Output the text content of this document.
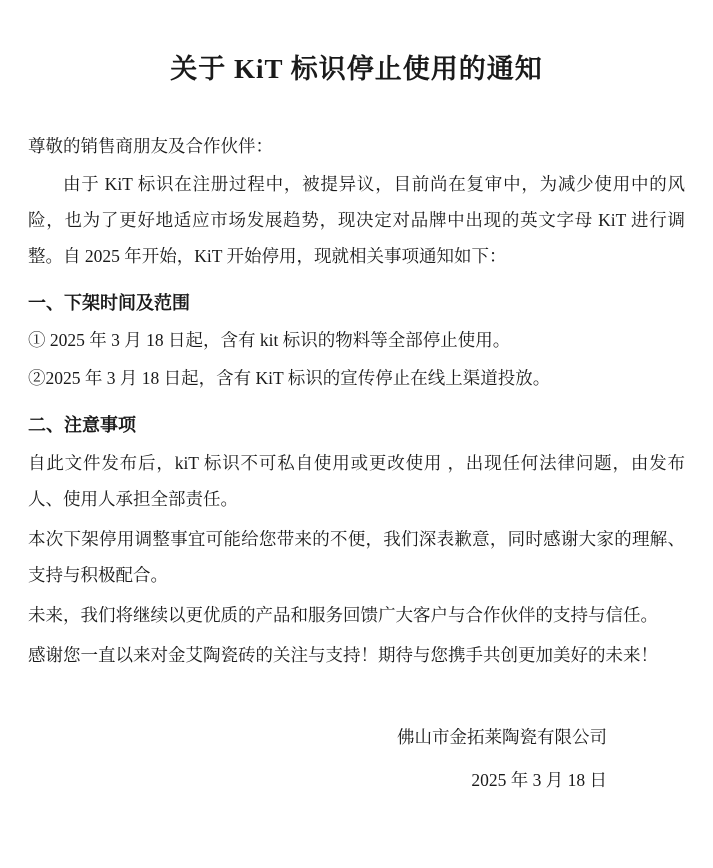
关于 KiT 标识停止使用的通知

尊敬的销售商朋友及合作伙伴：

由于 KiT 标识在注册过程中，被提异议，目前尚在复审中，为减少使用中的风险，也为了更好地适应市场发展趋势，现决定对品牌中出现的英文字母 KiT 进行调整。自 2025 年开始，KiT 开始停用，现就相关事项通知如下：

一、下架时间及范围

① 2025 年 3 月 18 日起，含有 kit 标识的物料等全部停止使用。

②2025 年 3 月 18 日起，含有 KiT 标识的宣传停止在线上渠道投放。

二、注意事项

自此文件发布后，kiT 标识不可私自使用或更改使用 ，出现任何法律问题，由发布人、使用人承担全部责任。

本次下架停用调整事宜可能给您带来的不便，我们深表歉意，同时感谢大家的理解、支持与积极配合。

未来，我们将继续以更优质的产品和服务回馈广大客户与合作伙伴的支持与信任。

感谢您一直以来对金艾陶瓷砖的关注与支持！期待与您携手共创更加美好的未来！

佛山市金拓莱陶瓷有限公司

2025 年 3 月 18 日
